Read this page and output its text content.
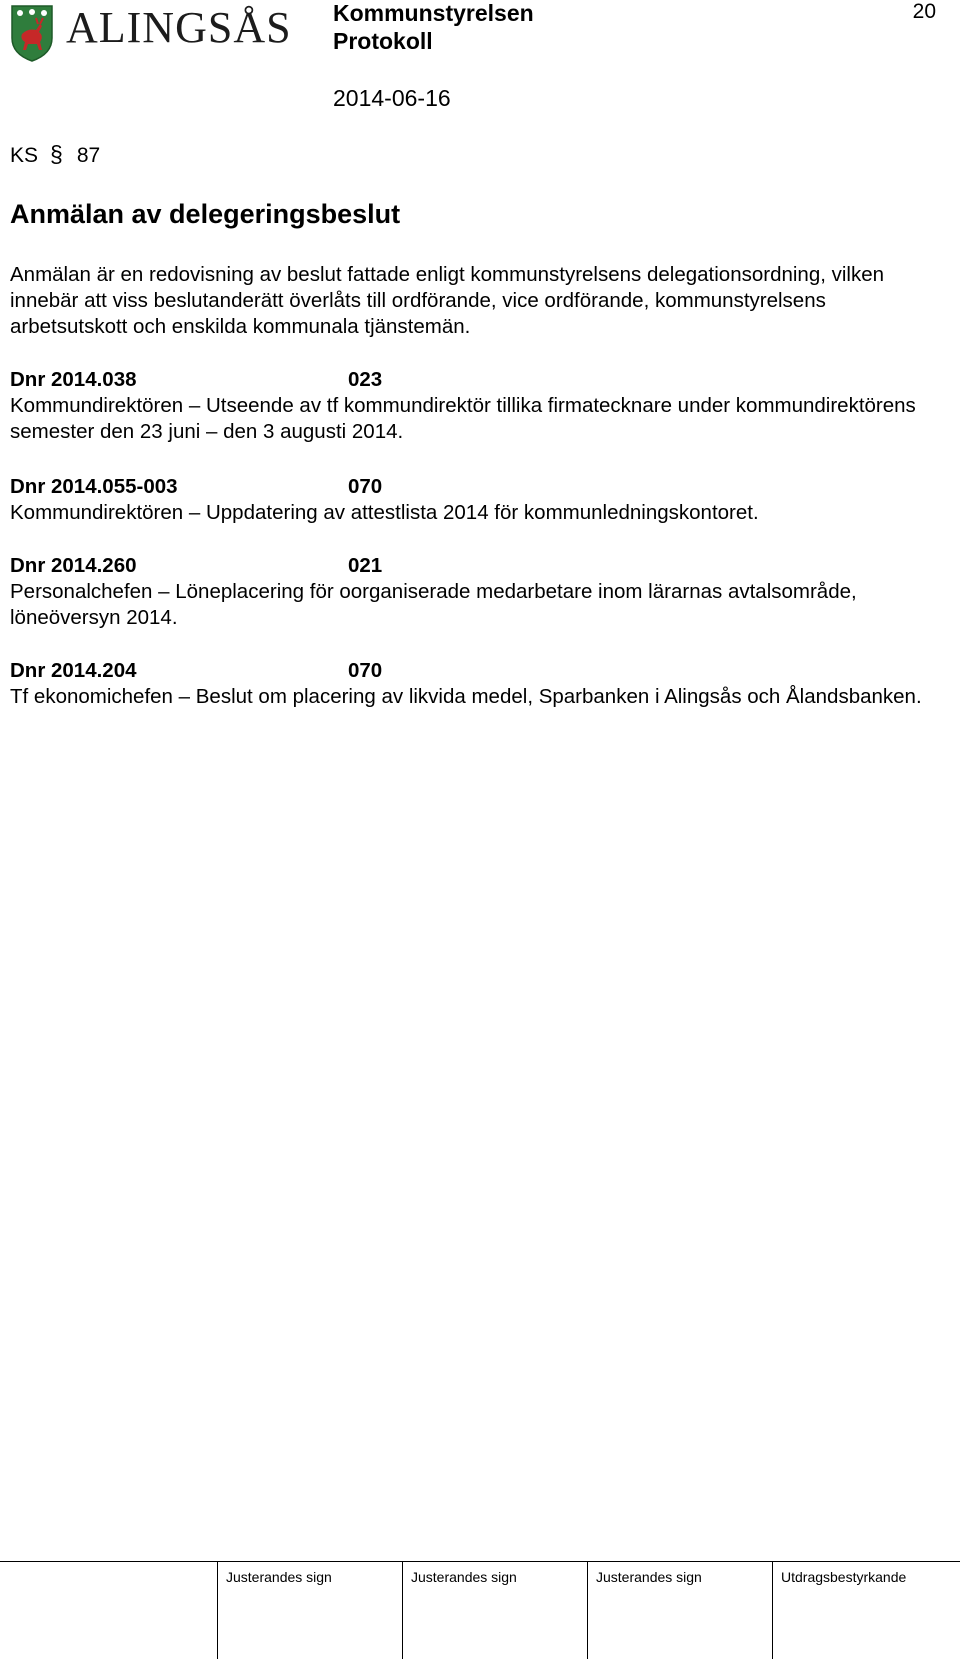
ALINGSÅS Kommunstyrelsen
Protokoll
20
2014-06-16
KS § 87
Anmälan av delegeringsbeslut

Anmälan är en redovisning av beslut fattade enligt kommunstyrelsens delegationsordning, vilken innebär att viss beslutanderätt överlåts till ordförande, vice ordförande, kommunstyrelsens arbetsutskott och enskilda kommunala tjänstemän.

Dnr 2014.038	023

Kommundirektören – Utseende av tf kommundirektör tillika firmatecknare under kommundirektörens semester den 23 juni – den 3 augusti 2014.

Dnr 2014.055-003	070

Kommundirektören – Uppdatering av attestlista 2014 för kommunledningskontoret.

Dnr 2014.260	021

Personalchefen – Löneplacering för oorganiserade medarbetare inom lärarnas avtalsområde, löneöversyn 2014.

Dnr 2014.204	070

Tf ekonomichefen – Beslut om placering av likvida medel, Sparbanken i Alingsås och Ålandsbanken.

Justerandes sign	Justerandes sign	Justerandes sign	Utdragsbestyrkande
